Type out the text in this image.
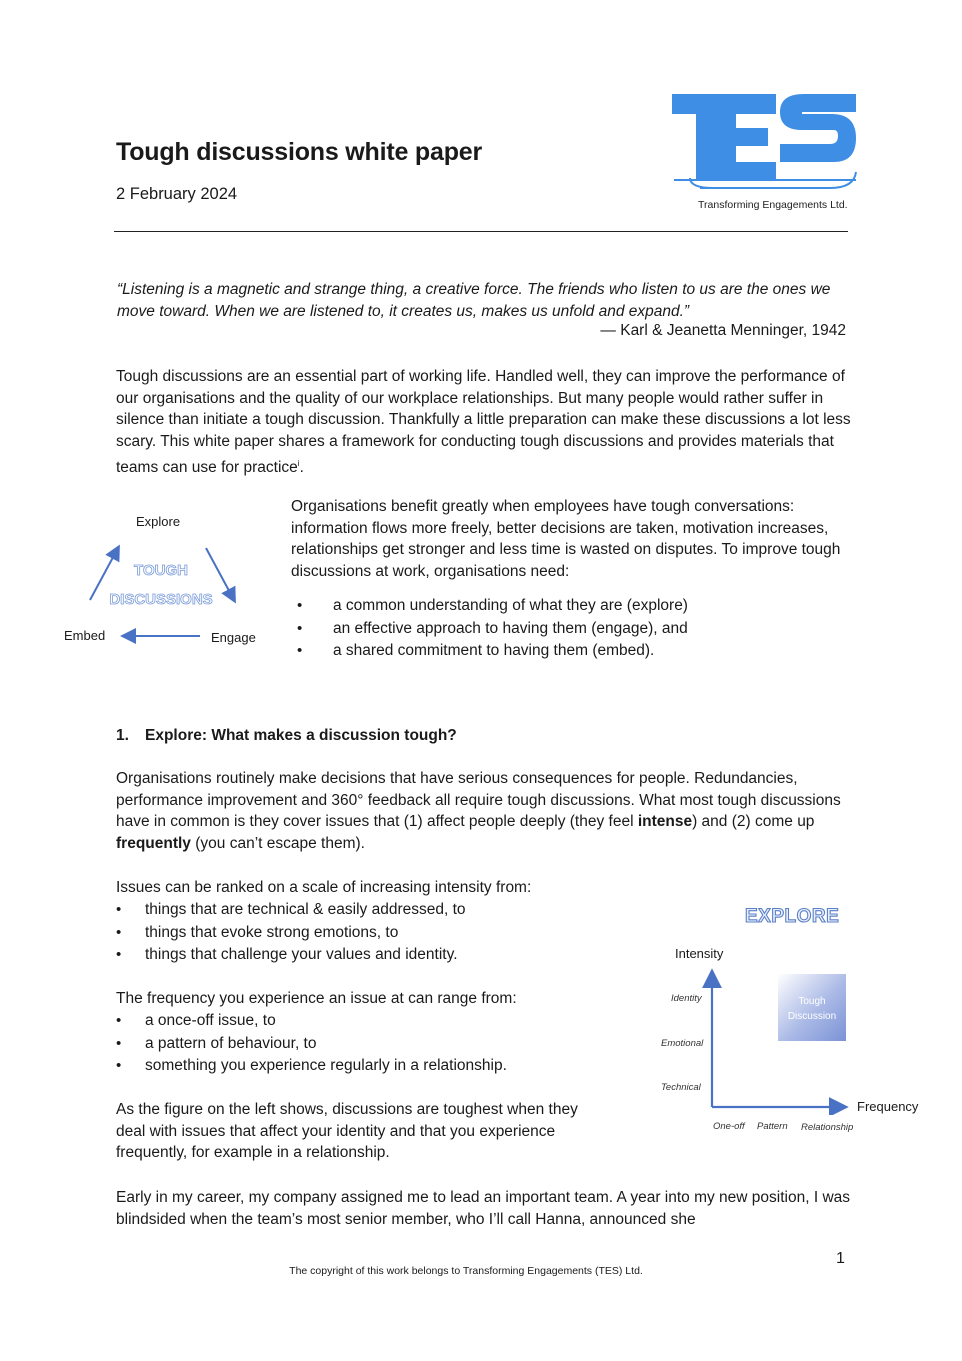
Tough discussions white paper
2 February 2024
Transforming Engagements Ltd.
“Listening is a magnetic and strange thing, a creative force. The friends who listen to us are the ones we move toward. When we are listened to, it creates us, makes us unfold and expand.”
— Karl & Jeanetta Menninger, 1942
Tough discussions are an essential part of working life. Handled well, they can improve the performance of our organisations and the quality of our workplace relationships. But many people would rather suffer in silence than initiate a tough discussion. Thankfully a little preparation can make these discussions a lot less scary. This white paper shares a framework for conducting tough discussions and provides materials that teams can use for practice$^i$.
Explore
Engage
Embed
TOUGH
DISCUSSIONS
Organisations benefit greatly when employees have tough conversations: information flows more freely, better decisions are taken, motivation increases, relationships get stronger and less time is wasted on disputes. To improve tough discussions at work, organisations need:
• a common understanding of what they are (explore)
• an effective approach to having them (engage), and
• a shared commitment to having them (embed).
1. Explore: What makes a discussion tough?
Organisations routinely make decisions that have serious consequences for people. Redundancies, performance improvement and 360° feedback all require tough discussions. What most tough discussions have in common is they cover issues that (1) affect people deeply (they feel intense) and (2) come up frequently (you can’t escape them).
Issues can be ranked on a scale of increasing intensity from:
• things that are technical & easily addressed, to
• things that evoke strong emotions, to
• things that challenge your values and identity.
The frequency you experience an issue at can range from:
• a once-off issue, to
• a pattern of behaviour, to
• something you experience regularly in a relationship.
As the figure on the left shows, discussions are toughest when they deal with issues that affect your identity and that you experience frequently, for example in a relationship.
Early in my career, my company assigned me to lead an important team. A year into my new position, I was blindsided when the team’s most senior member, who I’ll call Hanna, announced she
EXPLORE
Intensity
Identity
Emotional
Technical
Tough
Discussion
Frequency
One-off Pattern Relationship
The copyright of this work belongs to Transforming Engagements (TES) Ltd.
1
